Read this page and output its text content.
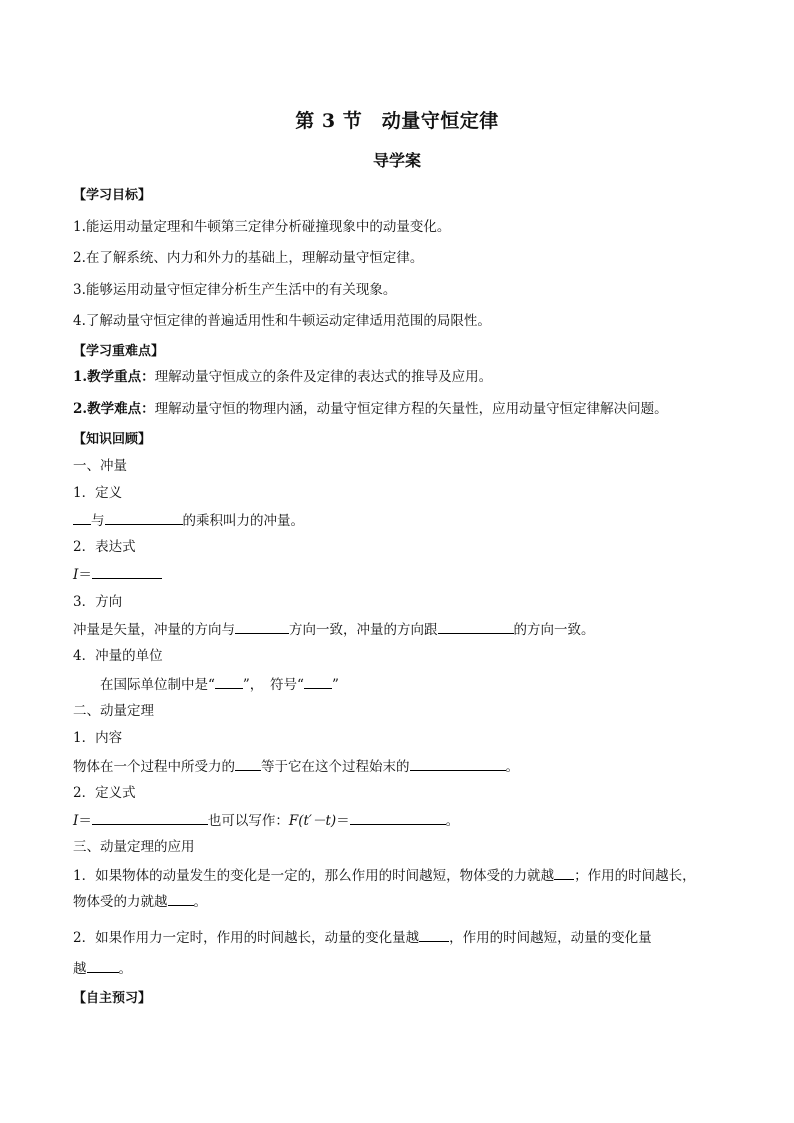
第 3 节　动量守恒定律
导学案
【学习目标】
1.能运用动量定理和牛顿第三定律分析碰撞现象中的动量变化。
2.在了解系统、内力和外力的基础上，理解动量守恒定律。
3.能够运用动量守恒定律分析生产生活中的有关现象。
4.了解动量守恒定律的普遍适用性和牛顿运动定律适用范围的局限性。
【学习重难点】
1.教学重点：理解动量守恒成立的条件及定律的表达式的推导及应用。
2.教学难点：理解动量守恒的物理内涵，动量守恒定律方程的矢量性，应用动量守恒定律解决问题。
【知识回顾】
一、冲量
1．定义
与	的乘积叫力的冲量。
2．表达式
I＝
3．方向
冲量是矢量，冲量的方向与	方向一致，冲量的方向跟	的方向一致。
4．冲量的单位
在国际单位制中是“ ”，　符号“ ”
二、动量定理
1．内容
物体在一个过程中所受力的 等于它在这个过程始末的	。
2．定义式
I＝	也可以写作：F(t′－t)＝	。
三、动量定理的应用
1．如果物体的动量发生的变化是一定的，那么作用的时间越短，物体受的力就越 ；作用的时间越长，
物体受的力就越 。
2．如果作用力一定时，作用的时间越长，动量的变化量越 ，作用的时间越短，动量的变化量
越 。
【自主预习】
